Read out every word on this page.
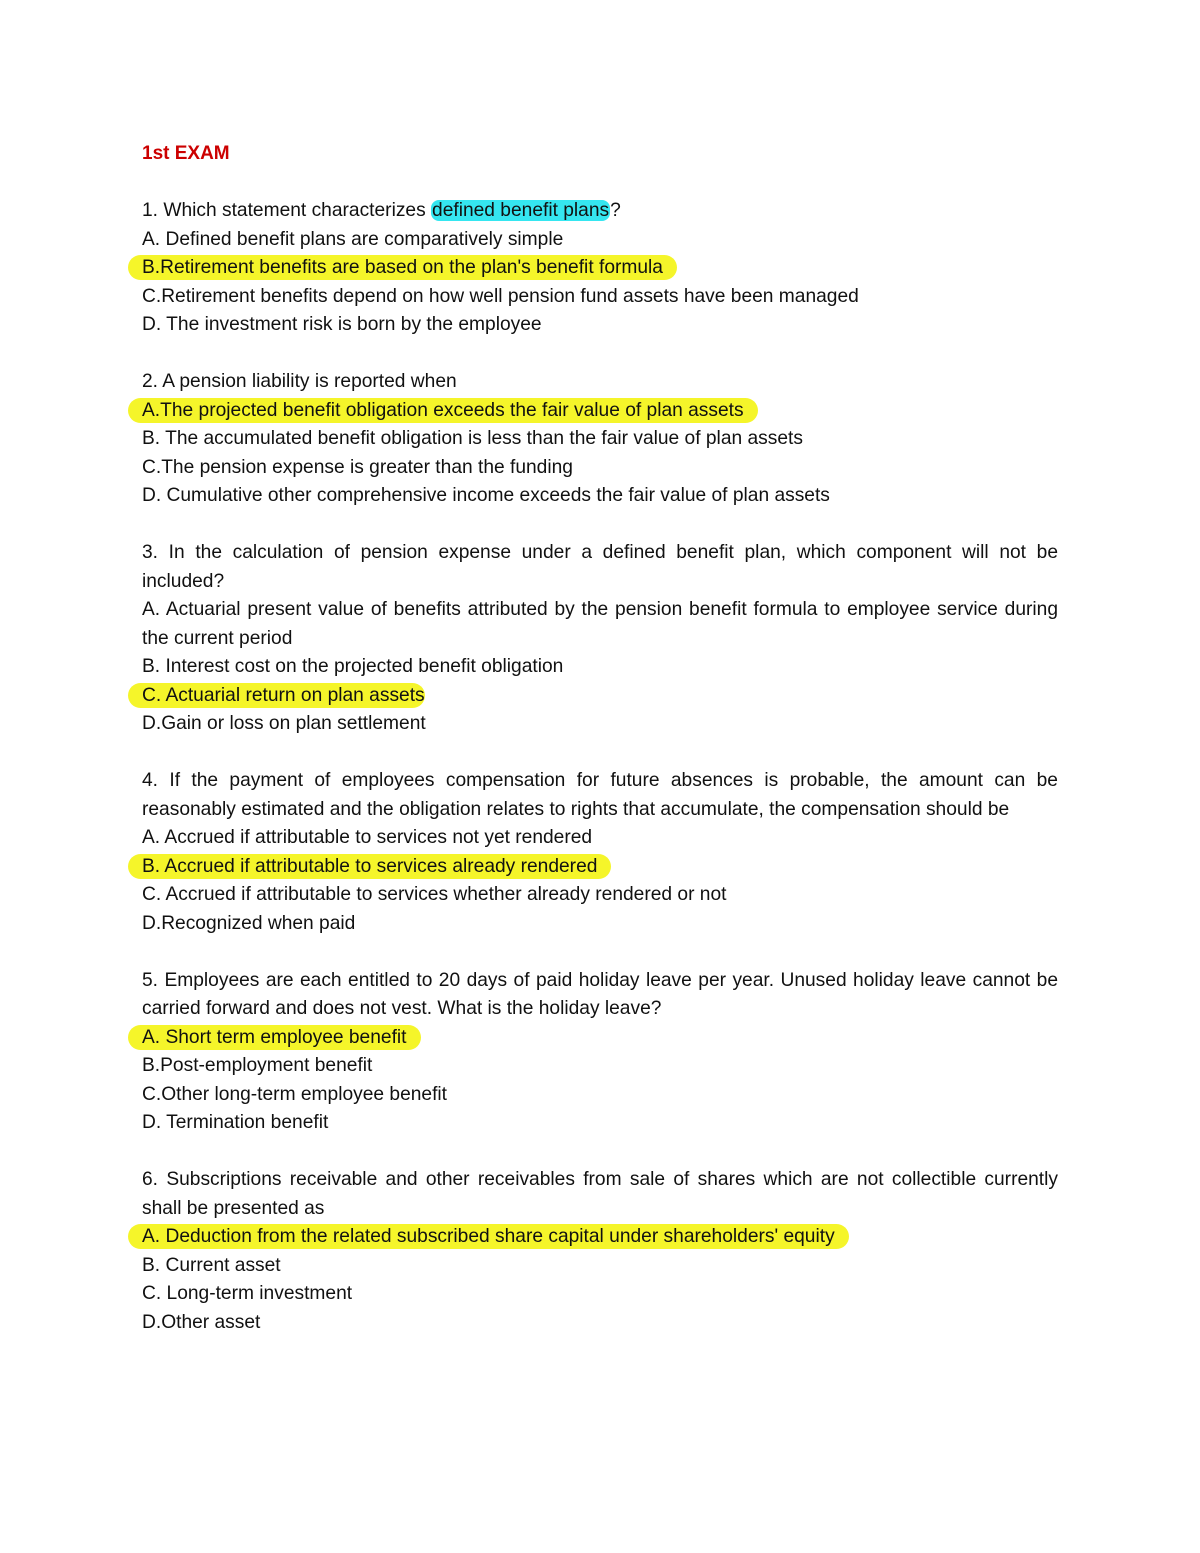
1st EXAM
1. Which statement characterizes defined benefit plans?
A. Defined benefit plans are comparatively simple
B.Retirement benefits are based on the plan's benefit formula
C.Retirement benefits depend on how well pension fund assets have been managed
D. The investment risk is born by the employee
2. A pension liability is reported when
A.The projected benefit obligation exceeds the fair value of plan assets
B. The accumulated benefit obligation is less than the fair value of plan assets
C.The pension expense is greater than the funding
D. Cumulative other comprehensive income exceeds the fair value of plan assets
3. In the calculation of pension expense under a defined benefit plan, which component will not be included?
A. Actuarial present value of benefits attributed by the pension benefit formula to employee service during the current period
B. Interest cost on the projected benefit obligation
C. Actuarial return on plan assets
D.Gain or loss on plan settlement
4. If the payment of employees compensation for future absences is probable, the amount can be reasonably estimated and the obligation relates to rights that accumulate, the compensation should be
A. Accrued if attributable to services not yet rendered
B. Accrued if attributable to services already rendered
C. Accrued if attributable to services whether already rendered or not
D.Recognized when paid
5. Employees are each entitled to 20 days of paid holiday leave per year. Unused holiday leave cannot be carried forward and does not vest. What is the holiday leave?
A. Short term employee benefit
B.Post-employment benefit
C.Other long-term employee benefit
D. Termination benefit
6. Subscriptions receivable and other receivables from sale of shares which are not collectible currently shall be presented as
A. Deduction from the related subscribed share capital under shareholders' equity
B. Current asset
C. Long-term investment
D.Other asset
